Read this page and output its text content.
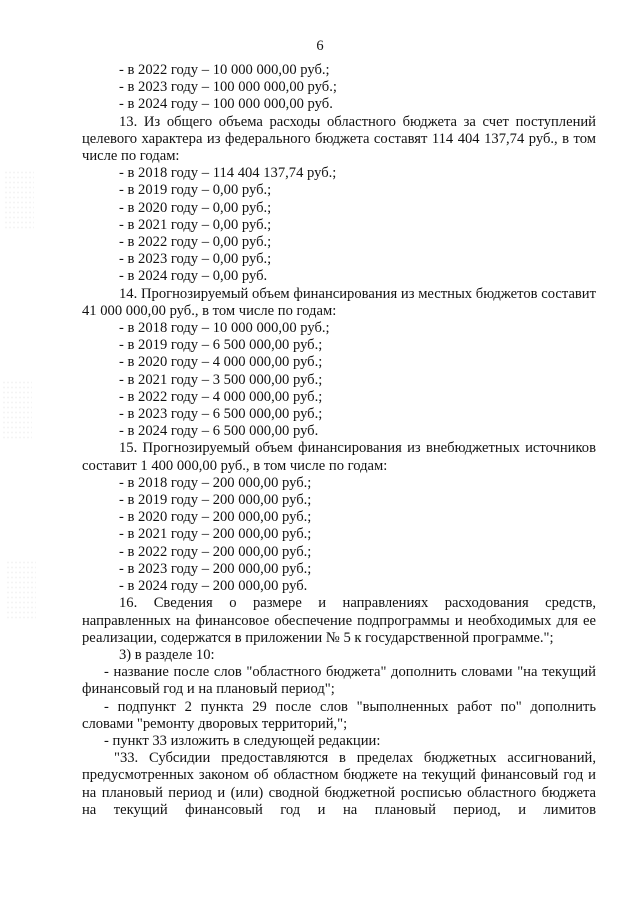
6
- в 2022 году – 10 000 000,00 руб.;
- в 2023 году – 100 000 000,00 руб.;
- в 2024 году – 100 000 000,00 руб.
13. Из общего объема расходы областного бюджета за счет поступлений целевого характера из федерального бюджета составят 114 404 137,74 руб., в том числе по годам:
- в 2018 году – 114 404 137,74 руб.;
- в 2019 году – 0,00 руб.;
- в 2020 году – 0,00 руб.;
- в 2021 году – 0,00 руб.;
- в 2022 году – 0,00 руб.;
- в 2023 году – 0,00 руб.;
- в 2024 году – 0,00 руб.
14. Прогнозируемый объем финансирования из местных бюджетов составит 41 000 000,00 руб., в том числе по годам:
- в 2018 году – 10 000 000,00 руб.;
- в 2019 году – 6 500 000,00 руб.;
- в 2020 году – 4 000 000,00 руб.;
- в 2021 году – 3 500 000,00 руб.;
- в 2022 году – 4 000 000,00 руб.;
- в 2023 году – 6 500 000,00 руб.;
- в 2024 году – 6 500 000,00 руб.
15. Прогнозируемый объем финансирования из внебюджетных источников составит 1 400 000,00 руб., в том числе по годам:
- в 2018 году – 200 000,00 руб.;
- в 2019 году – 200 000,00 руб.;
- в 2020 году – 200 000,00 руб.;
- в 2021 году – 200 000,00 руб.;
- в 2022 году – 200 000,00 руб.;
- в 2023 году – 200 000,00 руб.;
- в 2024 году – 200 000,00 руб.
16. Сведения о размере и направлениях расходования средств, направленных на финансовое обеспечение подпрограммы и необходимых для ее реализации, содержатся в приложении № 5 к государственной программе.";
3) в разделе 10:
- название после слов "областного бюджета" дополнить словами "на текущий финансовый год и на плановый период";
- подпункт 2 пункта 29 после слов "выполненных работ по" дополнить словами "ремонту дворовых территорий,";
- пункт 33 изложить в следующей редакции:
"33. Субсидии предоставляются в пределах бюджетных ассигнований, предусмотренных законом об областном бюджете на текущий финансовый год и на плановый период и (или) сводной бюджетной росписью областного бюджета на текущий финансовый год и на плановый период, и лимитов
